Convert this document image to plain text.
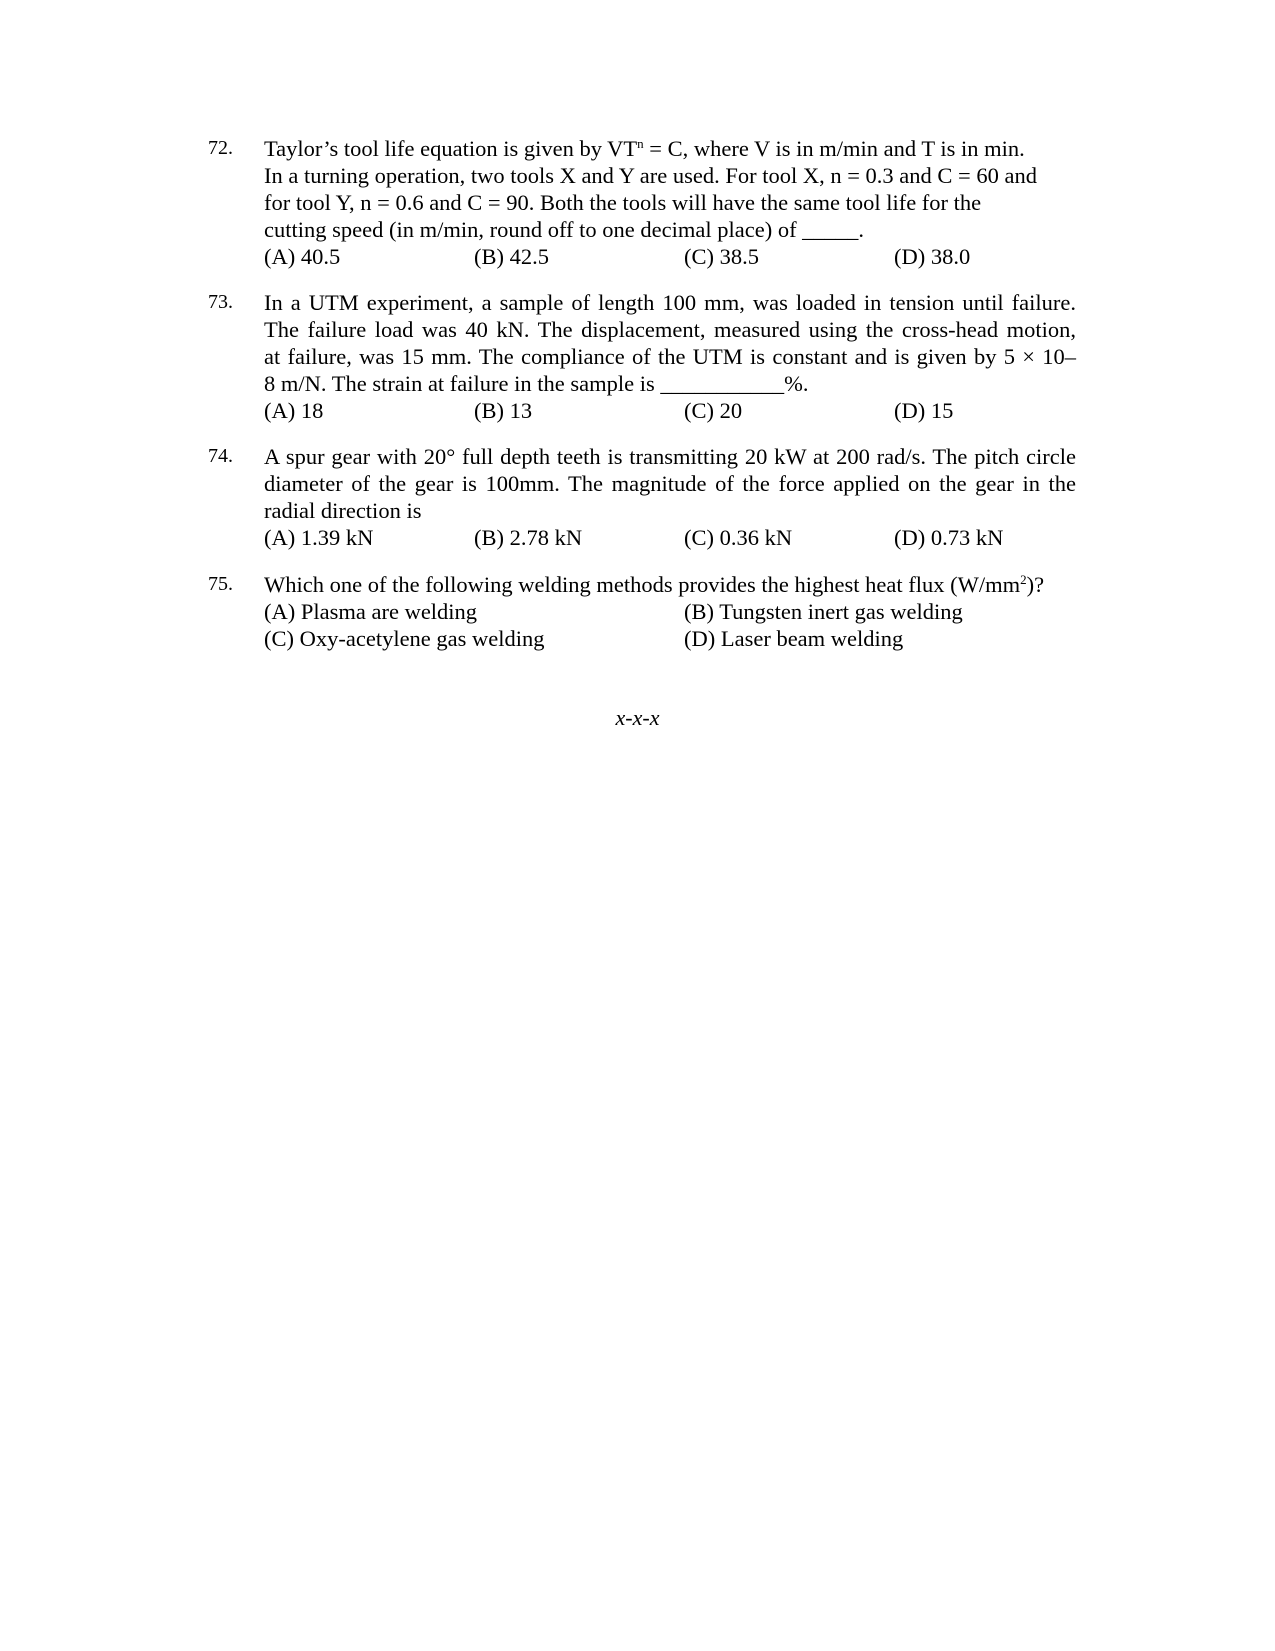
72.	Taylor’s tool life equation is given by $VT^n = C$, where V is in m/min and T is in min.
In a turning operation, two tools X and Y are used. For tool X, n = 0.3 and C = 60 and
for tool Y, n = 0.6 and C = 90. Both the tools will have the same tool life for the
cutting speed (in m/min, round off to one decimal place) of _____.
(A) 40.5	(B) 42.5	(C) 38.5	(D) 38.0
73.	In a UTM experiment, a sample of length 100 mm, was loaded in tension until failure.
The failure load was 40 kN. The displacement, measured using the cross-head motion,
at failure, was 15 mm. The compliance of the UTM is constant and is given by 5 × 10–
8 m/N. The strain at failure in the sample is ___________%.
(A) 18	(B) 13	(C) 20	(D) 15
74.	A spur gear with 20° full depth teeth is transmitting 20 kW at 200 rad/s. The pitch circle
diameter of the gear is 100mm. The magnitude of the force applied on the gear in the
radial direction is
(A) 1.39 kN	(B) 2.78 kN	(C) 0.36 kN	(D) 0.73 kN
75.	Which one of the following welding methods provides the highest heat flux $(W/mm^2)$?
(A) Plasma are welding	(B) Tungsten inert gas welding
(C) Oxy-acetylene gas welding	(D) Laser beam welding
x-x-x
